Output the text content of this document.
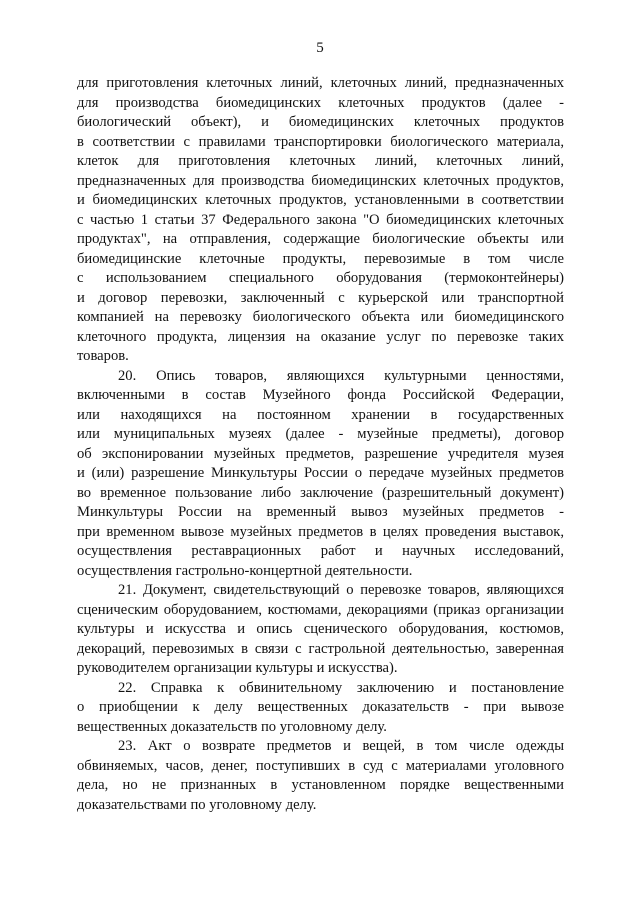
5
для приготовления клеточных линий, клеточных линий, предназначенных
для производства биомедицинских клеточных продуктов (далее -
биологический объект), и биомедицинских клеточных продуктов
в соответствии с правилами транспортировки биологического материала,
клеток для приготовления клеточных линий, клеточных линий,
предназначенных для производства биомедицинских клеточных продуктов,
и биомедицинских клеточных продуктов, установленными в соответствии
с частью 1 статьи 37 Федерального закона "О биомедицинских клеточных
продуктах", на отправления, содержащие биологические объекты или
биомедицинские клеточные продукты, перевозимые в том числе
с использованием специального оборудования (термоконтейнеры)
и договор перевозки, заключенный с курьерской или транспортной
компанией на перевозку биологического объекта или биомедицинского
клеточного продукта, лицензия на оказание услуг по перевозке таких
товаров.
20. Опись товаров, являющихся культурными ценностями,
включенными в состав Музейного фонда Российской Федерации,
или находящихся на постоянном хранении в государственных
или муниципальных музеях (далее - музейные предметы), договор
об экспонировании музейных предметов, разрешение учредителя музея
и (или) разрешение Минкультуры России о передаче музейных предметов
во временное пользование либо заключение (разрешительный документ)
Минкультуры России на временный вывоз музейных предметов -
при временном вывозе музейных предметов в целях проведения выставок,
осуществления реставрационных работ и научных исследований,
осуществления гастрольно-концертной деятельности.
21. Документ, свидетельствующий о перевозке товаров, являющихся
сценическим оборудованием, костюмами, декорациями (приказ организации
культуры и искусства и опись сценического оборудования, костюмов,
декораций, перевозимых в связи с гастрольной деятельностью, заверенная
руководителем организации культуры и искусства).
22. Справка к обвинительному заключению и постановление
о приобщении к делу вещественных доказательств - при вывозе
вещественных доказательств по уголовному делу.
23. Акт о возврате предметов и вещей, в том числе одежды
обвиняемых, часов, денег, поступивших в суд с материалами уголовного
дела, но не признанных в установленном порядке вещественными
доказательствами по уголовному делу.
